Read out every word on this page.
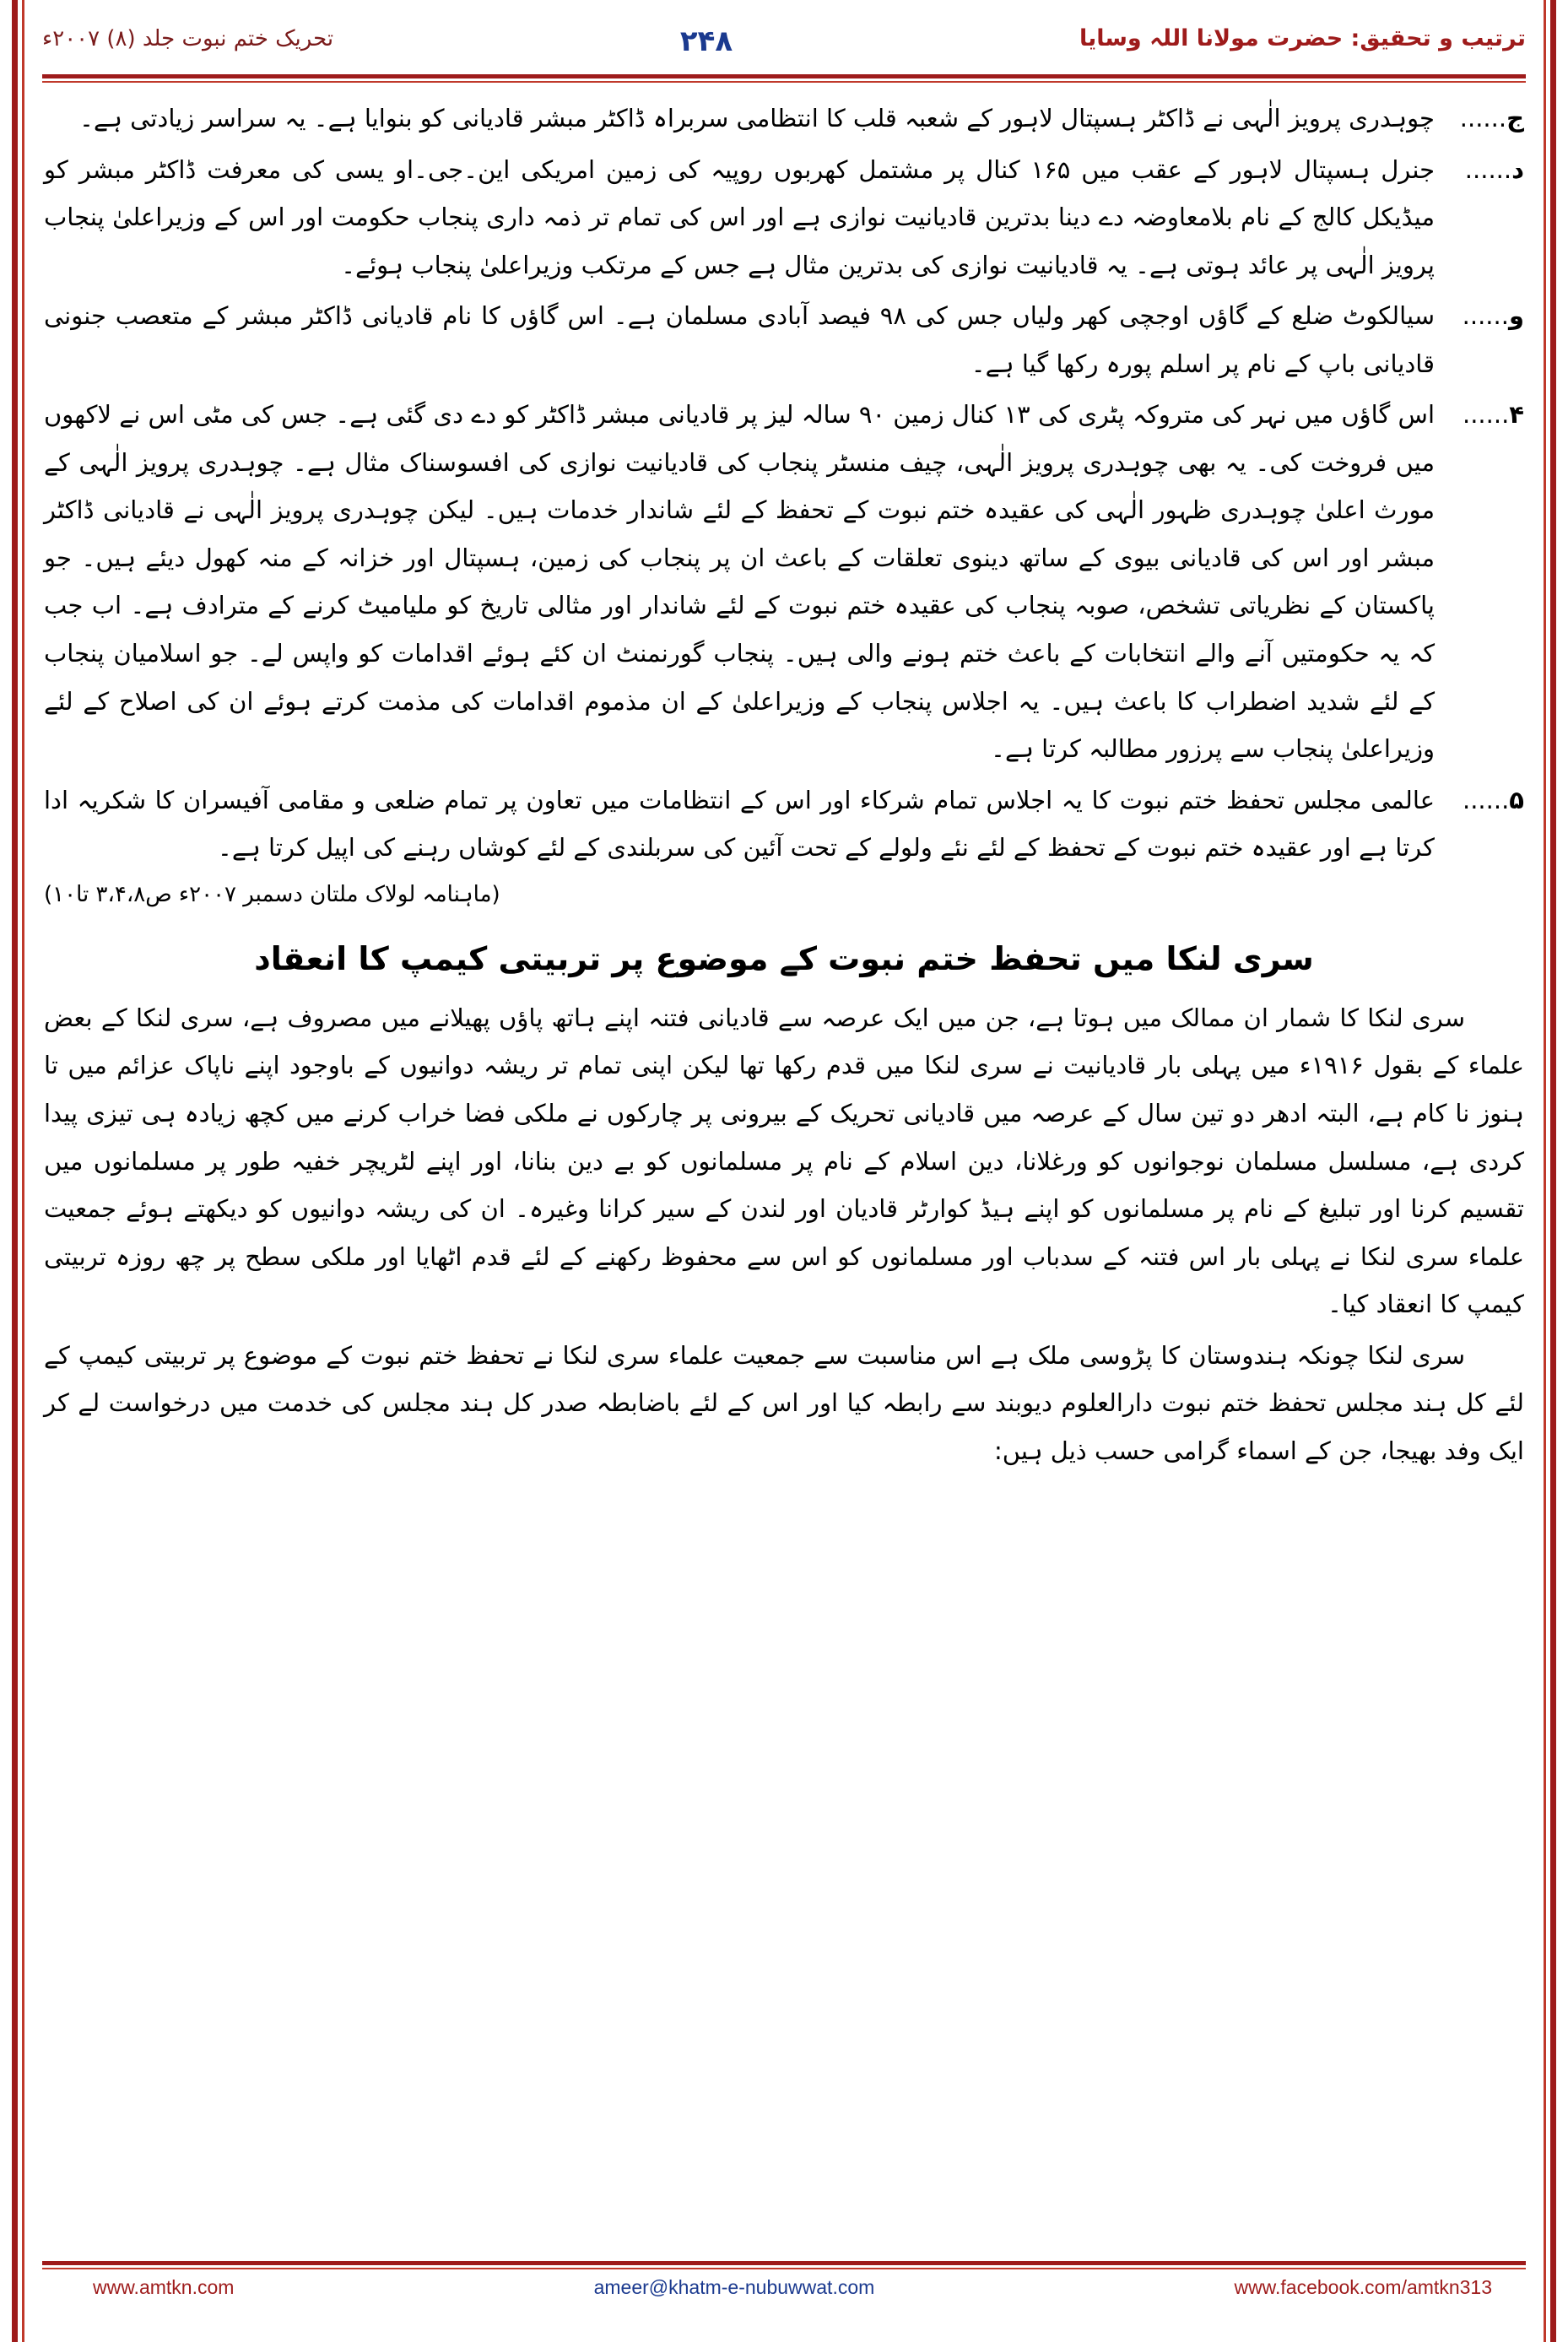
ترتیب و تحقیق: حضرت مولانا اللہ وسایا
۲۴۸
تحریک ختم نبوت جلد (۸) ۲۰۰۷ء
ج......
چوہدری پرویز الٰہی نے ڈاکٹر ہسپتال لاہور کے شعبہ قلب کا انتظامی سربراہ ڈاکٹر مبشر قادیانی کو بنوایا ہے۔ یہ سراسر زیادتی ہے۔
د......
جنرل ہسپتال لاہور کے عقب میں ۱۶۵ کنال پر مشتمل کھربوں روپیہ کی زمین امریکی این۔جی۔او یسی کی معرفت ڈاکٹر مبشر کو میڈیکل کالج کے نام بلامعاوضہ دے دینا بدترین قادیانیت نوازی ہے اور اس کی تمام تر ذمہ داری پنجاب حکومت اور اس کے وزیراعلیٰ پنجاب پرویز الٰہی پر عائد ہوتی ہے۔ یہ قادیانیت نوازی کی بدترین مثال ہے جس کے مرتکب وزیراعلیٰ پنجاب ہوئے۔
و......
سیالکوٹ ضلع کے گاؤں اوجچی کھر ولیاں جس کی ۹۸ فیصد آبادی مسلمان ہے۔ اس گاؤں کا نام قادیانی ڈاکٹر مبشر کے متعصب جنونی قادیانی باپ کے نام پر اسلم پورہ رکھا گیا ہے۔
۴......
اس گاؤں میں نہر کی متروکہ پٹری کی ۱۳ کنال زمین ۹۰ سالہ لیز پر قادیانی مبشر ڈاکٹر کو دے دی گئی ہے۔ جس کی مٹی اس نے لاکھوں میں فروخت کی۔ یہ بھی چوہدری پرویز الٰہی، چیف منسٹر پنجاب کی قادیانیت نوازی کی افسوسناک مثال ہے۔ چوہدری پرویز الٰہی کے مورث اعلیٰ چوہدری ظہور الٰہی کی عقیدہ ختم نبوت کے تحفظ کے لئے شاندار خدمات ہیں۔ لیکن چوہدری پرویز الٰہی نے قادیانی ڈاکٹر مبشر اور اس کی قادیانی بیوی کے ساتھ دینوی تعلقات کے باعث ان پر پنجاب کی زمین، ہسپتال اور خزانہ کے منہ کھول دیئے ہیں۔ جو پاکستان کے نظریاتی تشخص، صوبہ پنجاب کی عقیدہ ختم نبوت کے لئے شاندار اور مثالی تاریخ کو ملیامیٹ کرنے کے مترادف ہے۔ اب جب کہ یہ حکومتیں آنے والے انتخابات کے باعث ختم ہونے والی ہیں۔ پنجاب گورنمنٹ ان کئے ہوئے اقدامات کو واپس لے۔ جو اسلامیان پنجاب کے لئے شدید اضطراب کا باعث ہیں۔ یہ اجلاس پنجاب کے وزیراعلیٰ کے ان مذموم اقدامات کی مذمت کرتے ہوئے ان کی اصلاح کے لئے وزیراعلیٰ پنجاب سے پرزور مطالبہ کرتا ہے۔
۵......
عالمی مجلس تحفظ ختم نبوت کا یہ اجلاس تمام شرکاء اور اس کے انتظامات میں تعاون پر تمام ضلعی و مقامی آفیسران کا شکریہ ادا کرتا ہے اور عقیدہ ختم نبوت کے تحفظ کے لئے نئے ولولے کے تحت آئین کی سربلندی کے لئے کوشاں رہنے کی اپیل کرتا ہے۔
(ماہنامہ لولاک ملتان دسمبر ۲۰۰۷ء ص۳،۴،۸ تا۱۰)
سری لنکا میں تحفظ ختم نبوت کے موضوع پر تربیتی کیمپ کا انعقاد
سری لنکا کا شمار ان ممالک میں ہوتا ہے، جن میں ایک عرصہ سے قادیانی فتنہ اپنے ہاتھ پاؤں پھیلانے میں مصروف ہے، سری لنکا کے بعض علماء کے بقول ۱۹۱۶ء میں پہلی بار قادیانیت نے سری لنکا میں قدم رکھا تھا لیکن اپنی تمام تر ریشہ دوانیوں کے باوجود اپنے ناپاک عزائم میں تا ہنوز نا کام ہے، البتہ ادھر دو تین سال کے عرصہ میں قادیانی تحریک کے بیرونی پر چارکوں نے ملکی فضا خراب کرنے میں کچھ زیادہ ہی تیزی پیدا کردی ہے، مسلسل مسلمان نوجوانوں کو ورغلانا، دین اسلام کے نام پر مسلمانوں کو بے دین بنانا، اور اپنے لٹریچر خفیہ طور پر مسلمانوں میں تقسیم کرنا اور تبلیغ کے نام پر مسلمانوں کو اپنے ہیڈ کوارٹر قادیان اور لندن کے سیر کرانا وغیرہ۔ ان کی ریشہ دوانیوں کو دیکھتے ہوئے جمعیت علماء سری لنکا نے پہلی بار اس فتنہ کے سدباب اور مسلمانوں کو اس سے محفوظ رکھنے کے لئے قدم اٹھایا اور ملکی سطح پر چھ روزہ تربیتی کیمپ کا انعقاد کیا۔
سری لنکا چونکہ ہندوستان کا پڑوسی ملک ہے اس مناسبت سے جمعیت علماء سری لنکا نے تحفظ ختم نبوت کے موضوع پر تربیتی کیمپ کے لئے کل ہند مجلس تحفظ ختم نبوت دارالعلوم دیوبند سے رابطہ کیا اور اس کے لئے باضابطہ صدر کل ہند مجلس کی خدمت میں درخواست لے کر ایک وفد بھیجا، جن کے اسماء گرامی حسب ذیل ہیں:
www.amtkn.com	ameer@khatm-e-nubuwwat.com	www.facebook.com/amtkn313
